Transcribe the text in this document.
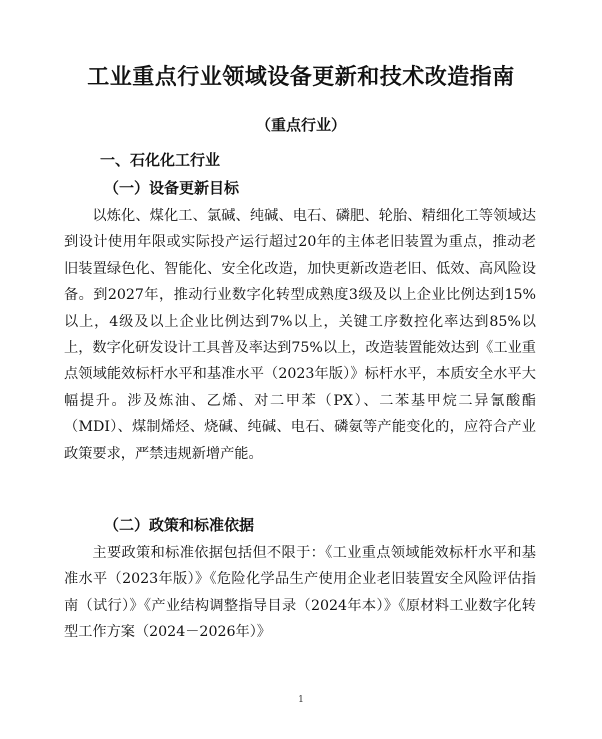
工业重点行业领域设备更新和技术改造指南
（重点行业）
一、石化化工行业
（一）设备更新目标

以炼化、煤化工、氯碱、纯碱、电石、磷肥、轮胎、精细化工等领域达到设计使用年限或实际投产运行超过20年的主体老旧装置为重点，推动老旧装置绿色化、智能化、安全化改造，加快更新改造老旧、低效、高风险设备。到2027年，推动行业数字化转型成熟度3级及以上企业比例达到15%以上，4级及以上企业比例达到7%以上，关键工序数控化率达到85%以上，数字化研发设计工具普及率达到75%以上，改造装置能效达到《工业重点领域能效标杆水平和基准水平（2023年版）》标杆水平，本质安全水平大幅提升。涉及炼油、乙烯、对二甲苯（PX）、二苯基甲烷二异氰酸酯（MDI）、煤制烯烃、烧碱、纯碱、电石、磷氨等产能变化的，应符合产业政策要求，严禁违规新增产能。

（二）政策和标准依据

主要政策和标准依据包括但不限于：《工业重点领域能效标杆水平和基准水平（2023年版）》《危险化学品生产使用企业老旧装置安全风险评估指南（试行）》《产业结构调整指导目录（2024年本）》《原材料工业数字化转型工作方案（2024－2026年）》

1
